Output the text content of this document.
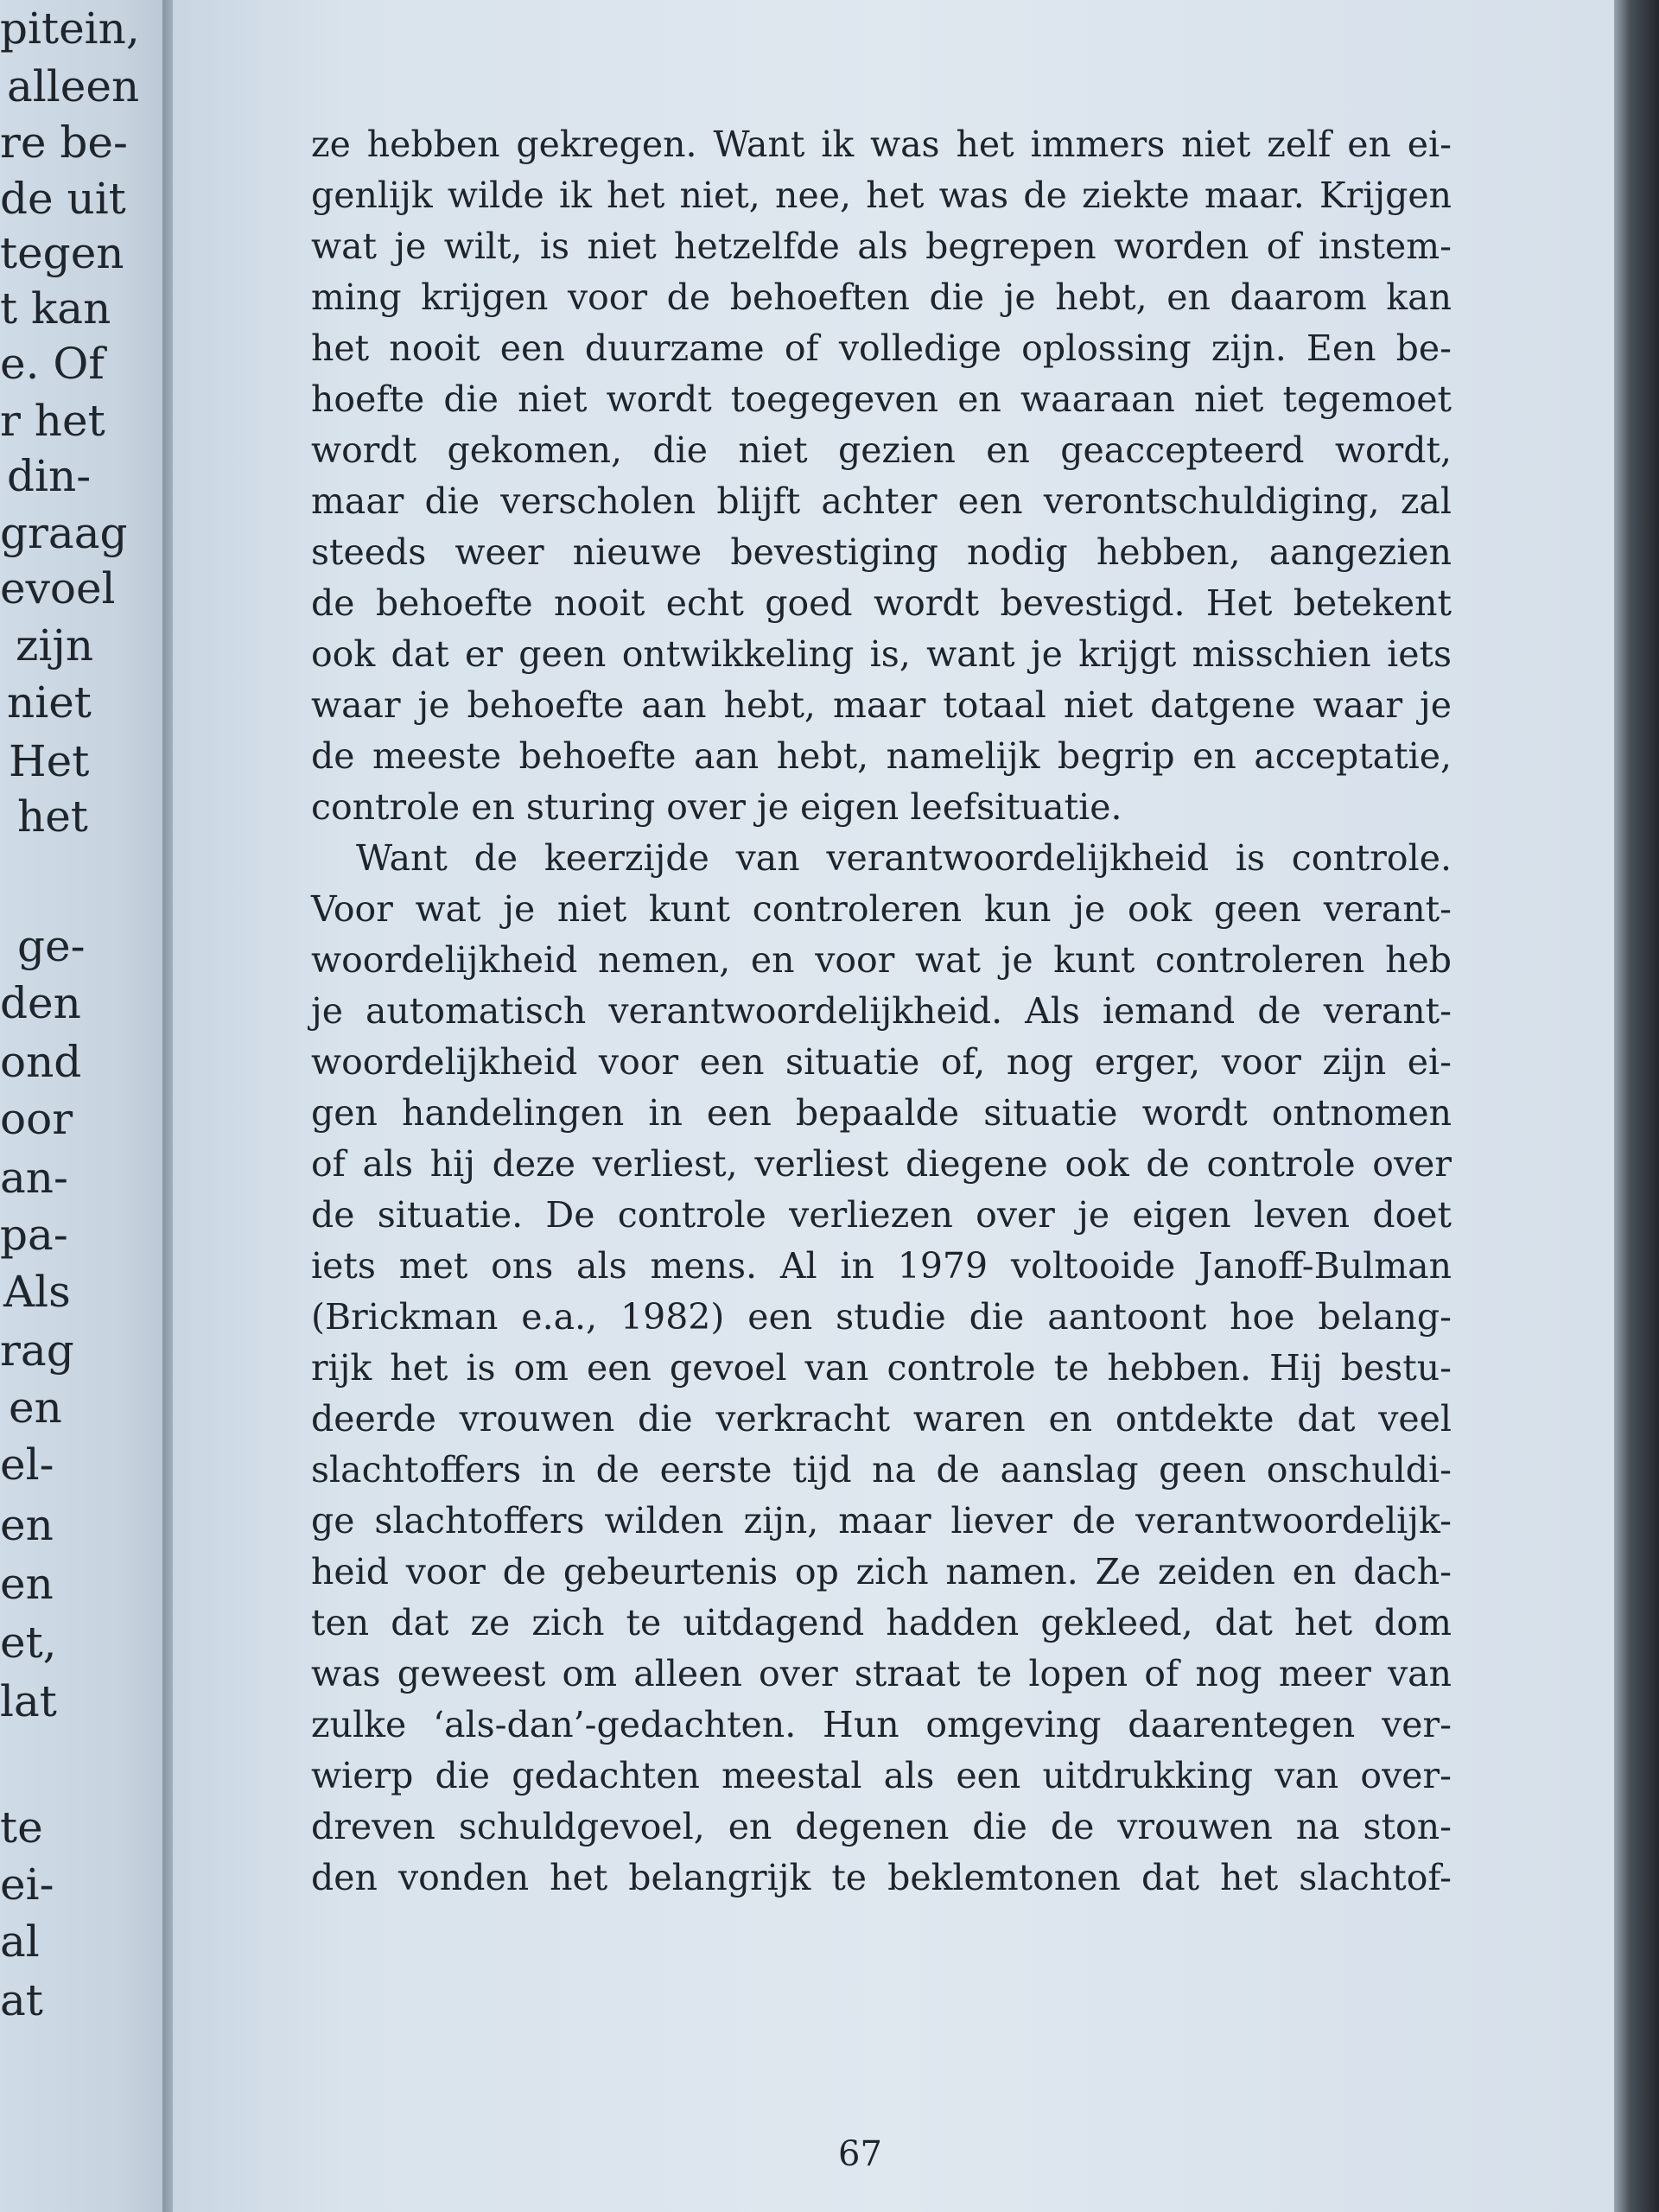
pitein,
alleen
re be-
de uit
tegen
t kan
e. Of
r het
din-
graag
evoel
zijn
niet
Het
het
ge-
den
ond
oor
an-
pa-
Als
rag
en
el-
en
en
et,
lat
te
ei-
al
at
ze hebben gekregen. Want ik was het immers niet zelf en ei-
genlijk wilde ik het niet, nee, het was de ziekte maar. Krijgen
wat je wilt, is niet hetzelfde als begrepen worden of instem-
ming krijgen voor de behoeften die je hebt, en daarom kan
het nooit een duurzame of volledige oplossing zijn. Een be-
hoefte die niet wordt toegegeven en waaraan niet tegemoet
wordt gekomen, die niet gezien en geaccepteerd wordt,
maar die verscholen blijft achter een verontschuldiging, zal
steeds weer nieuwe bevestiging nodig hebben, aangezien
de behoefte nooit echt goed wordt bevestigd. Het betekent
ook dat er geen ontwikkeling is, want je krijgt misschien iets
waar je behoefte aan hebt, maar totaal niet datgene waar je
de meeste behoefte aan hebt, namelijk begrip en acceptatie,
controle en sturing over je eigen leefsituatie.
Want de keerzijde van verantwoordelijkheid is controle.
Voor wat je niet kunt controleren kun je ook geen verant-
woordelijkheid nemen, en voor wat je kunt controleren heb
je automatisch verantwoordelijkheid. Als iemand de verant-
woordelijkheid voor een situatie of, nog erger, voor zijn ei-
gen handelingen in een bepaalde situatie wordt ontnomen
of als hij deze verliest, verliest diegene ook de controle over
de situatie. De controle verliezen over je eigen leven doet
iets met ons als mens. Al in 1979 voltooide Janoff-Bulman
(Brickman e.a., 1982) een studie die aantoont hoe belang-
rijk het is om een gevoel van controle te hebben. Hij bestu-
deerde vrouwen die verkracht waren en ontdekte dat veel
slachtoffers in de eerste tijd na de aanslag geen onschuldi-
ge slachtoffers wilden zijn, maar liever de verantwoordelijk-
heid voor de gebeurtenis op zich namen. Ze zeiden en dach-
ten dat ze zich te uitdagend hadden gekleed, dat het dom
was geweest om alleen over straat te lopen of nog meer van
zulke ‘als-dan’-gedachten. Hun omgeving daarentegen ver-
wierp die gedachten meestal als een uitdrukking van over-
dreven schuldgevoel, en degenen die de vrouwen na ston-
den vonden het belangrijk te beklemtonen dat het slachtof-
67
